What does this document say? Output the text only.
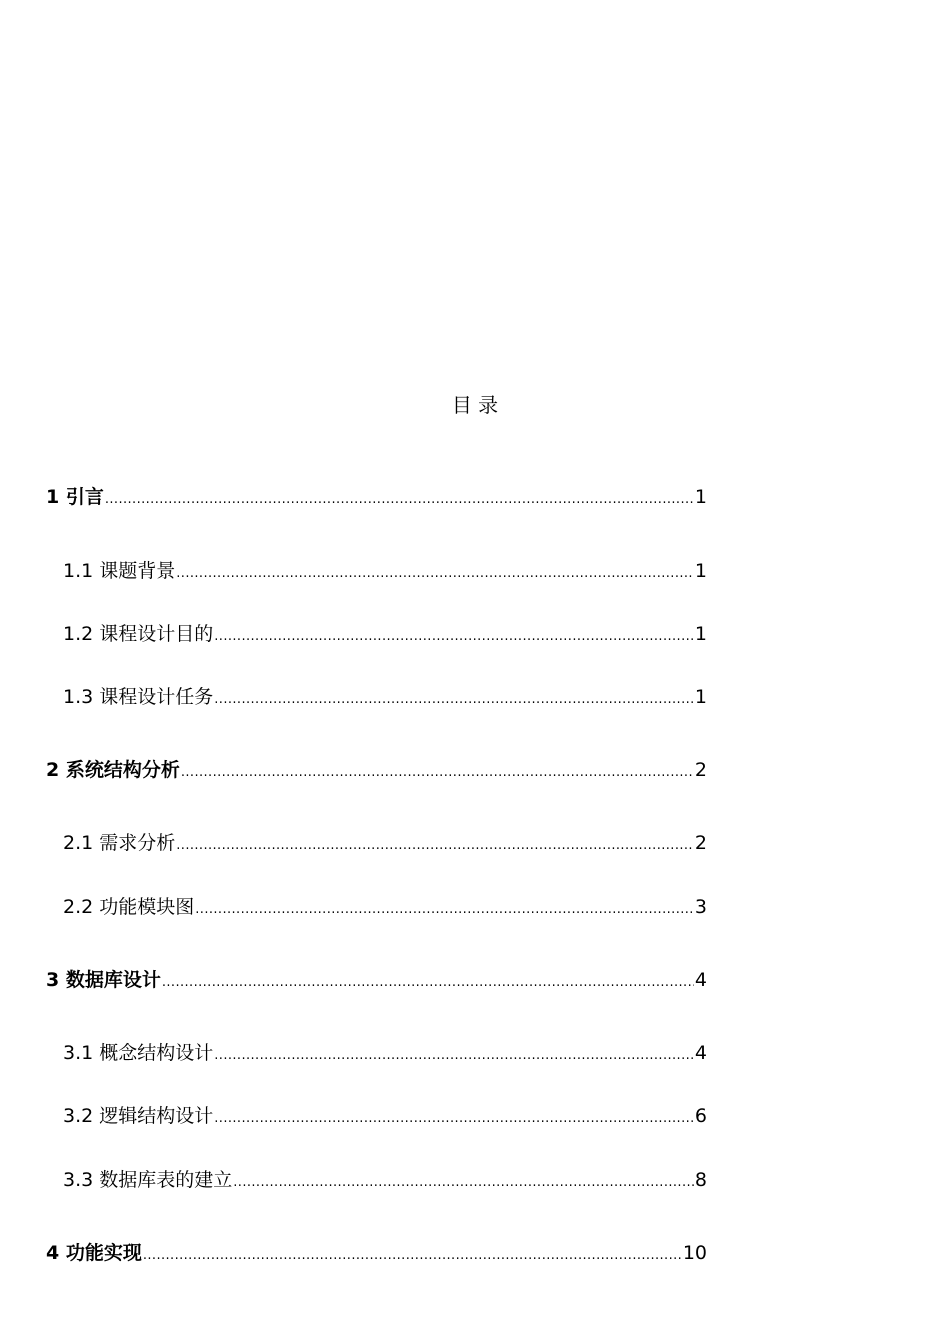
目 录
1 引言 .....	1
1.1 课题背景 .....	1
1.2 课程设计目的 .....	1
1.3 课程设计任务 .....	1
2 系统结构分析 .....	2
2.1 需求分析 .....	2
2.2 功能模块图 .....	3
3 数据库设计 .....	4
3.1 概念结构设计 .....	4
3.2 逻辑结构设计 .....	6
3.3 数据库表的建立 .....	8
4 功能实现 .....	10
